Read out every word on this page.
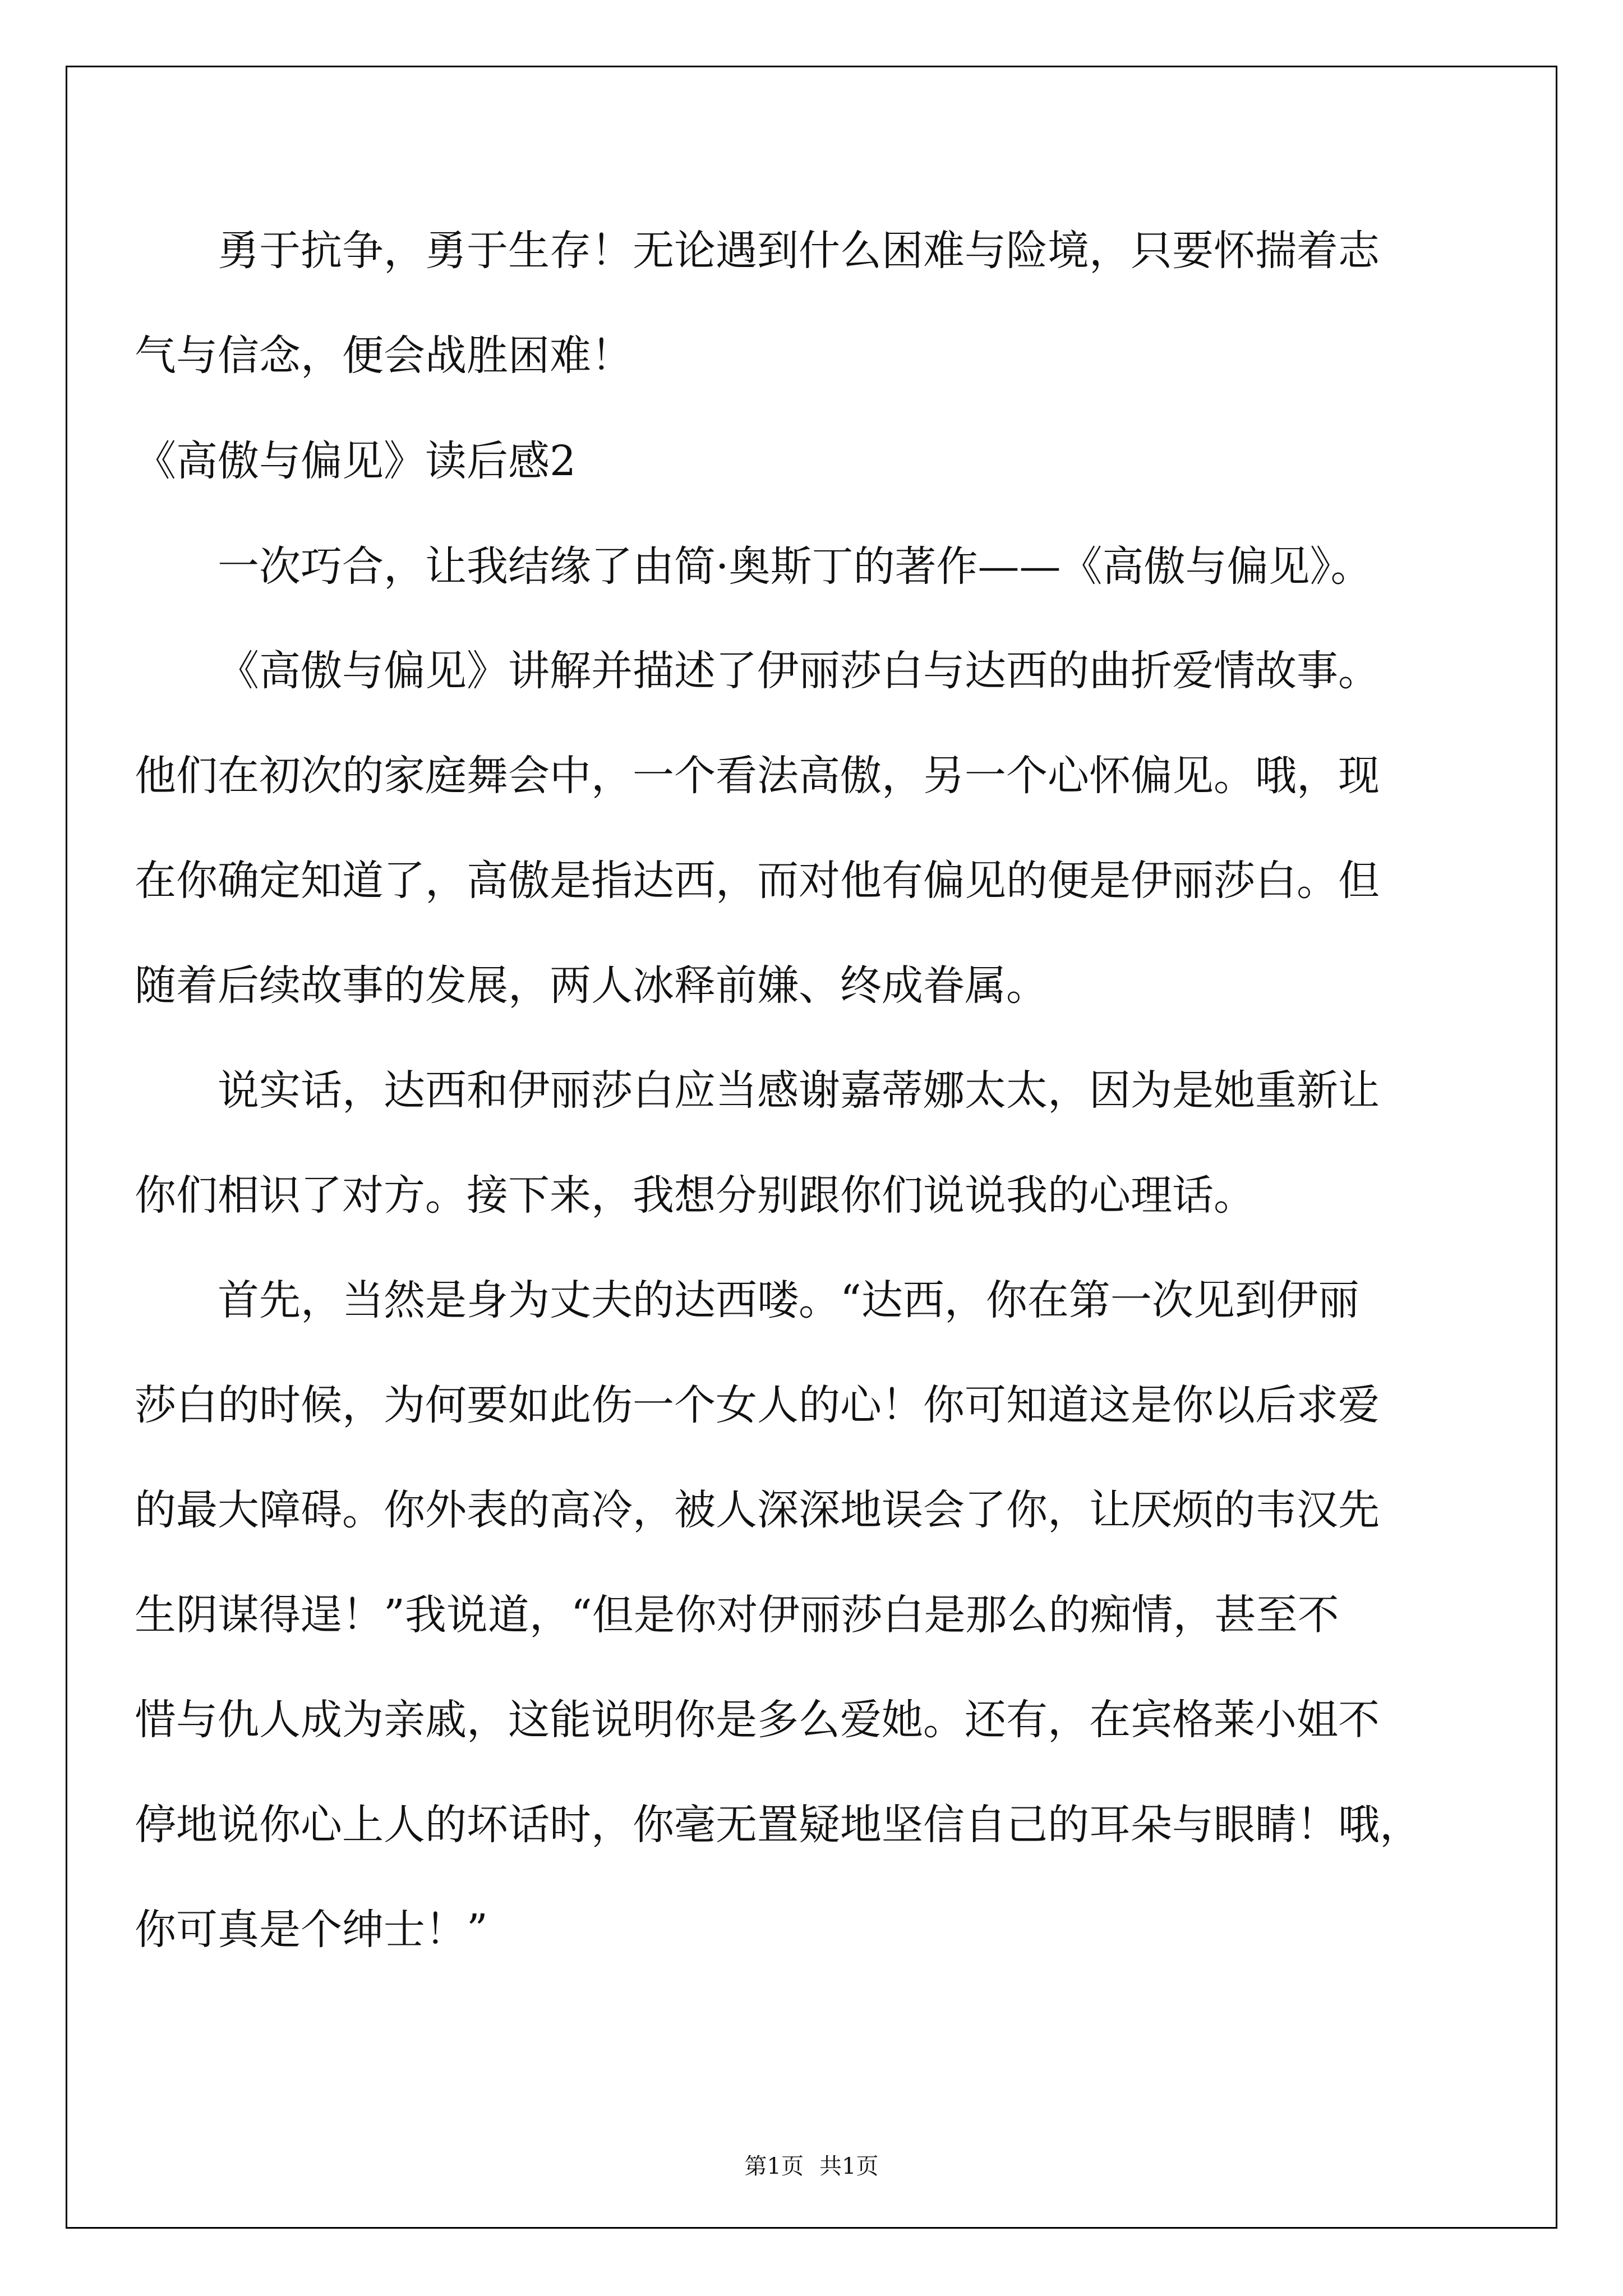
勇于抗争，勇于生存！无论遇到什么困难与险境，只要怀揣着志
气与信念，便会战胜困难！
《高傲与偏见》读后感2
一次巧合，让我结缘了由简·奥斯丁的著作——《高傲与偏见》。
《高傲与偏见》讲解并描述了伊丽莎白与达西的曲折爱情故事。
他们在初次的家庭舞会中，一个看法高傲，另一个心怀偏见。哦，现
在你确定知道了，高傲是指达西，而对他有偏见的便是伊丽莎白。但
随着后续故事的发展，两人冰释前嫌、终成眷属。
说实话，达西和伊丽莎白应当感谢嘉蒂娜太太，因为是她重新让
你们相识了对方。接下来，我想分别跟你们说说我的心理话。
首先，当然是身为丈夫的达西喽。“达西，你在第一次见到伊丽
莎白的时候，为何要如此伤一个女人的心！你可知道这是你以后求爱
的最大障碍。你外表的高冷，被人深深地误会了你，让厌烦的韦汉先
生阴谋得逞！”我说道，“但是你对伊丽莎白是那么的痴情，甚至不
惜与仇人成为亲戚，这能说明你是多么爱她。还有，在宾格莱小姐不
停地说你心上人的坏话时，你毫无置疑地坚信自己的耳朵与眼睛！哦，
你可真是个绅士！”
第1页 共1页
